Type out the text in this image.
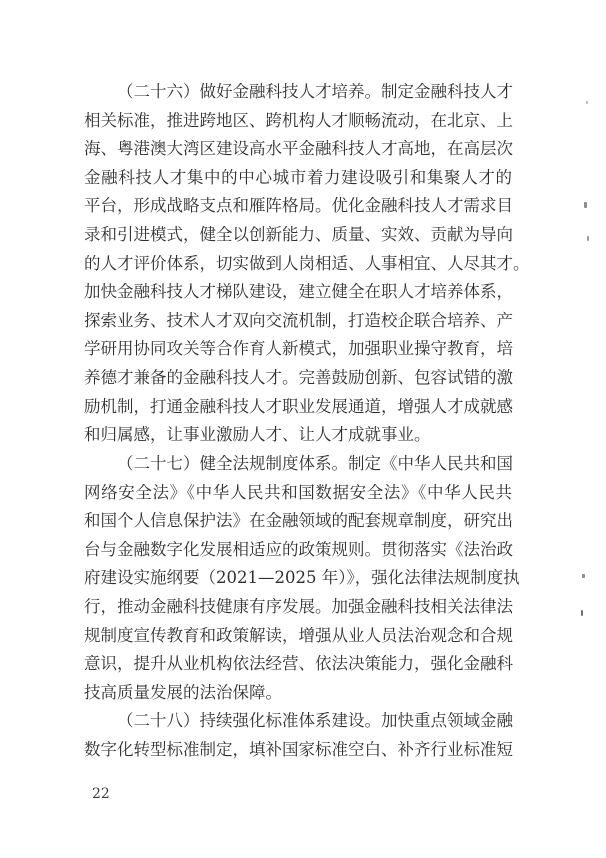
（二十六）做好金融科技人才培养。制定金融科技人才
相关标准，推进跨地区、跨机构人才顺畅流动，在北京、上
海、粤港澳大湾区建设高水平金融科技人才高地，在高层次
金融科技人才集中的中心城市着力建设吸引和集聚人才的
平台，形成战略支点和雁阵格局。优化金融科技人才需求目
录和引进模式，健全以创新能力、质量、实效、贡献为导向
的人才评价体系，切实做到人岗相适、人事相宜、人尽其才。
加快金融科技人才梯队建设，建立健全在职人才培养体系，
探索业务、技术人才双向交流机制，打造校企联合培养、产
学研用协同攻关等合作育人新模式，加强职业操守教育，培
养德才兼备的金融科技人才。完善鼓励创新、包容试错的激
励机制，打通金融科技人才职业发展通道，增强人才成就感
和归属感，让事业激励人才、让人才成就事业。
（二十七）健全法规制度体系。制定《中华人民共和国
网络安全法》《中华人民共和国数据安全法》《中华人民共
和国个人信息保护法》在金融领域的配套规章制度，研究出
台与金融数字化发展相适应的政策规则。贯彻落实《法治政
府建设实施纲要（2021—2025 年）》，强化法律法规制度执
行，推动金融科技健康有序发展。加强金融科技相关法律法
规制度宣传教育和政策解读，增强从业人员法治观念和合规
意识，提升从业机构依法经营、依法决策能力，强化金融科
技高质量发展的法治保障。
（二十八）持续强化标准体系建设。加快重点领域金融
数字化转型标准制定，填补国家标准空白、补齐行业标准短
22
